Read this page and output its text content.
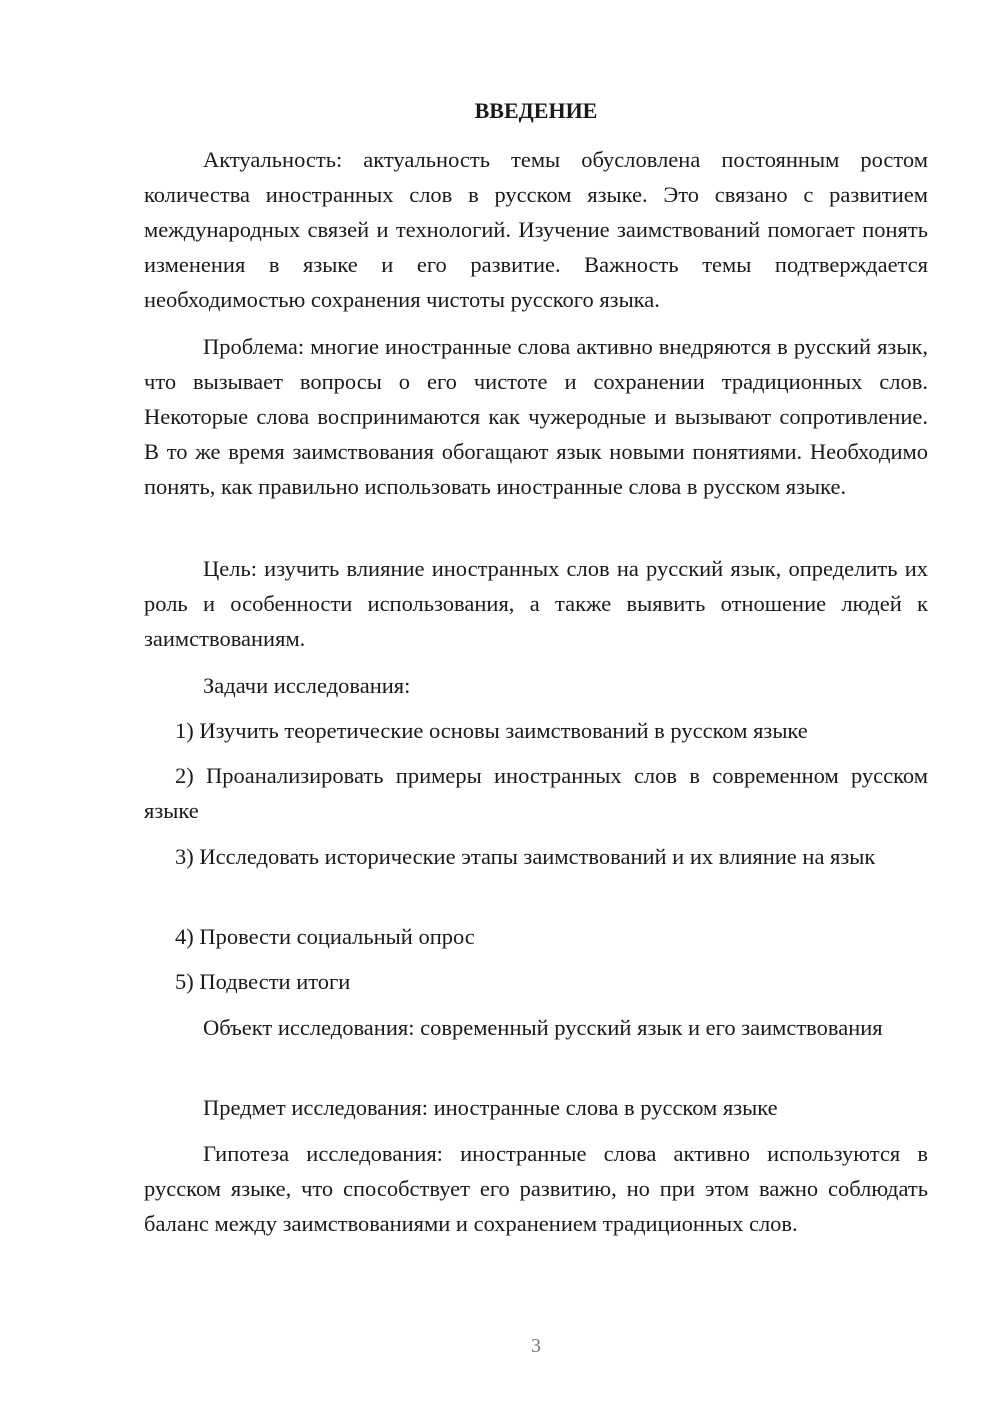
ВВЕДЕНИЕ

Актуальность: актуальность темы обусловлена постоянным ростом количества иностранных слов в русском языке. Это связано с развитием международных связей и технологий. Изучение заимствований помогает понять изменения в языке и его развитие. Важность темы подтверждается необходимостью сохранения чистоты русского языка.

Проблема: многие иностранные слова активно внедряются в русский язык, что вызывает вопросы о его чистоте и сохранении традиционных слов. Некоторые слова воспринимаются как чужеродные и вызывают сопротивление. В то же время заимствования обогащают язык новыми понятиями. Необходимо понять, как правильно использовать иностранные слова в русском языке.

Цель: изучить влияние иностранных слов на русский язык, определить их роль и особенности использования, а также выявить отношение людей к заимствованиям.

Задачи исследования:

1) Изучить теоретические основы заимствований в русском языке

2) Проанализировать примеры иностранных слов в современном русском языке

3) Исследовать исторические этапы заимствований и их влияние на язык

4) Провести социальный опрос

5) Подвести итоги

Объект исследования: современный русский язык и его заимствования

Предмет исследования: иностранные слова в русском языке

Гипотеза исследования: иностранные слова активно используются в русском языке, что способствует его развитию, но при этом важно соблюдать баланс между заимствованиями и сохранением традиционных слов.

3
